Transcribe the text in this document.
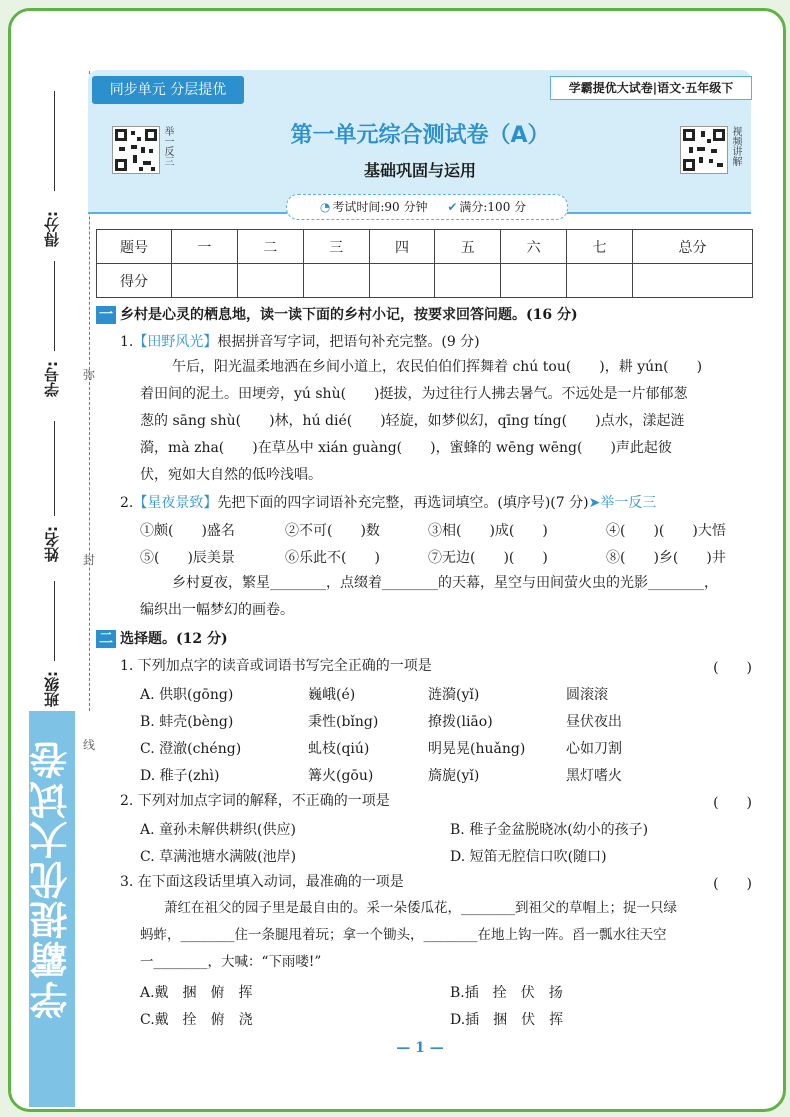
学霸提优大试卷
得分:
学号:
姓名:
班级:
弥
封
线
同步单元 分层提优	学霸提优大试卷|语文·五年级下
举一反三	视频讲解
第一单元综合测试卷（A）
基础巩固与运用
◔ 考试时间:90 分钟 ✔ 满分:100 分
题号	一	二	三	四	五	六	七	总分
得分								
一 乡村是心灵的栖息地，读一读下面的乡村小记，按要求回答问题。(16 分)
1.【田野风光】根据拼音写字词，把语句补充完整。(9 分)
午后，阳光温柔地洒在乡间小道上，农民伯伯们挥舞着 chú tou(　　)，耕 yún(　　)
着田间的泥土。田埂旁，yú shù(　　)挺拔，为过往行人拂去暑气。不远处是一片郁郁葱
葱的 sāng shù(　　)林，hú dié(　　)轻旋，如梦似幻，qīng tíng(　　)点水，漾起涟
漪，mà zha(　　)在草丛中 xián guàng(　　)，蜜蜂的 wēng wēng(　　)声此起彼
伏，宛如大自然的低吟浅唱。
2.【星夜景致】先把下面的四字词语补充完整，再选词填空。(填序号)(7 分)➤举一反三
①颇(　　)盛名	②不可(　　)数	③相(　　)成(　　)	④(　　)(　　)大悟
⑤(　　)辰美景	⑥乐此不(　　)	⑦无边(　　)(　　)	⑧(　　)乡(　　)井
乡村夏夜，繁星________，点缀着________的天幕，星空与田间萤火虫的光影________，
编织出一幅梦幻的画卷。
二 选择题。(12 分)
1. 下列加点字的读音或词语书写完全正确的一项是	(　　)
A. 供职(gōng)	巍峨(é)	涟漪(yǐ)	圆滚滚
B. 蚌壳(bèng)	秉性(bǐng)	撩拨(liāo)	昼伏夜出
C. 澄澈(chéng)	虬枝(qiú)	明晃晃(huǎng)	心如刀割
D. 稚子(zhì)	篝火(gōu)	旖旎(yǐ)	黑灯嗜火
2. 下列对加点字词的解释，不正确的一项是	(　　)
A. 童孙未解供耕织(供应)	B. 稚子金盆脱晓冰(幼小的孩子)
C. 草满池塘水满陂(池岸)	D. 短笛无腔信口吹(随口)
3. 在下面这段话里填入动词，最准确的一项是	(　　)
萧红在祖父的园子里是最自由的。采一朵倭瓜花，________到祖父的草帽上；捉一只绿
蚂蚱，________住一条腿甩着玩；拿一个锄头，________在地上钩一阵。舀一瓢水往天空
一________，大喊：“下雨喽!”
A.戴　捆　俯　挥	B.插　拴　伏　扬
C.戴　拴　俯　浇	D.插　捆　伏　挥
— 1 —
